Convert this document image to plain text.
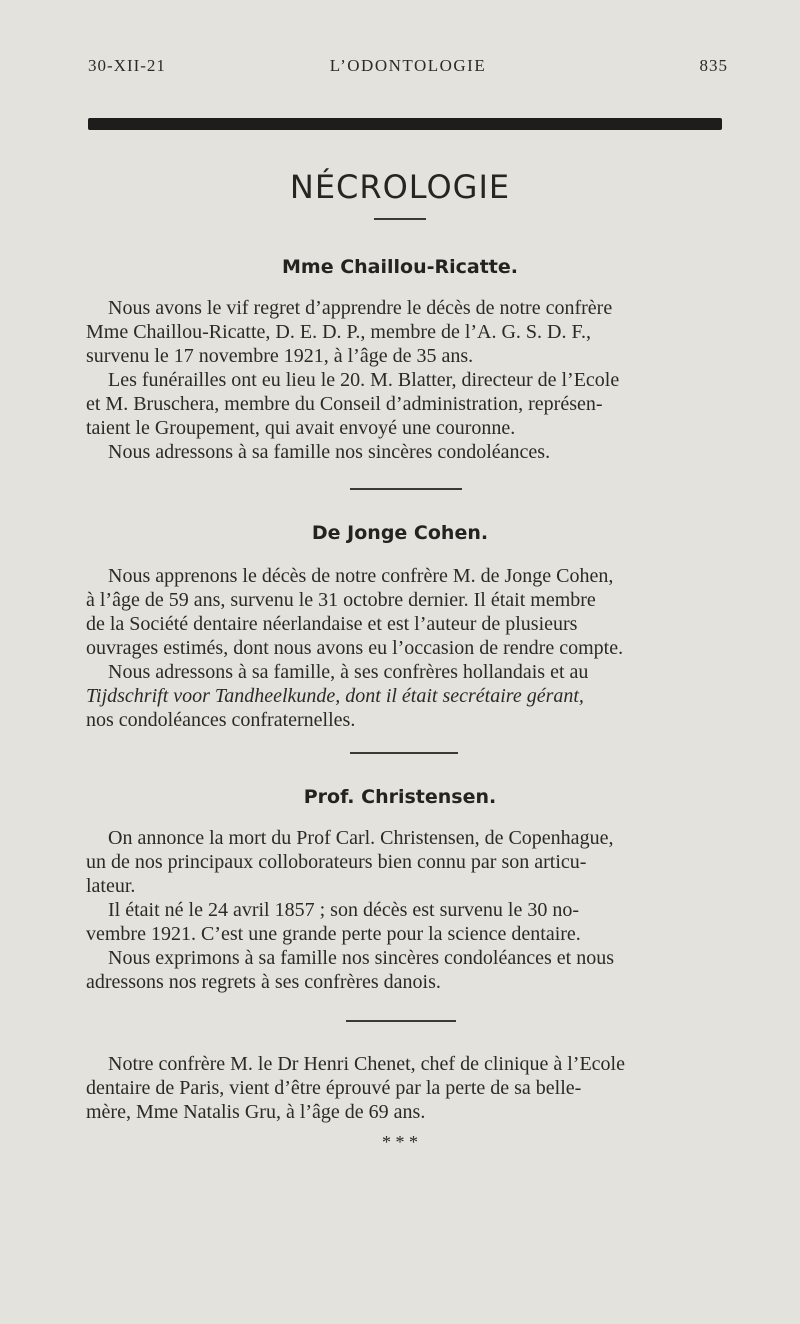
30-XII-21	L’ODONTOLOGIE	835
NÉCROLOGIE
Mme Chaillou-Ricatte.
Nous avons le vif regret d’apprendre le décès de notre confrère
Mme Chaillou-Ricatte, D. E. D. P., membre de l’A. G. S. D. F.,
survenu le 17 novembre 1921, à l’âge de 35 ans.
Les funérailles ont eu lieu le 20. M. Blatter, directeur de l’Ecole
et M. Bruschera, membre du Conseil d’administration, représen-
taient le Groupement, qui avait envoyé une couronne.
Nous adressons à sa famille nos sincères condoléances.
De Jonge Cohen.
Nous apprenons le décès de notre confrère M. de Jonge Cohen,
à l’âge de 59 ans, survenu le 31 octobre dernier. Il était membre
de la Société dentaire néerlandaise et est l’auteur de plusieurs
ouvrages estimés, dont nous avons eu l’occasion de rendre compte.
Nous adressons à sa famille, à ses confrères hollandais et au
Tijdschrift voor Tandheelkunde, dont il était secrétaire gérant,
nos condoléances confraternelles.
Prof. Christensen.
On annonce la mort du Prof Carl. Christensen, de Copenhague,
un de nos principaux colloborateurs bien connu par son articu-
lateur.
Il était né le 24 avril 1857 ; son décès est survenu le 30 no-
vembre 1921. C’est une grande perte pour la science dentaire.
Nous exprimons à sa famille nos sincères condoléances et nous
adressons nos regrets à ses confrères danois.
Notre confrère M. le Dr Henri Chenet, chef de clinique à l’Ecole
dentaire de Paris, vient d’être éprouvé par la perte de sa belle-
mère, Mme Natalis Gru, à l’âge de 69 ans.
* * *
